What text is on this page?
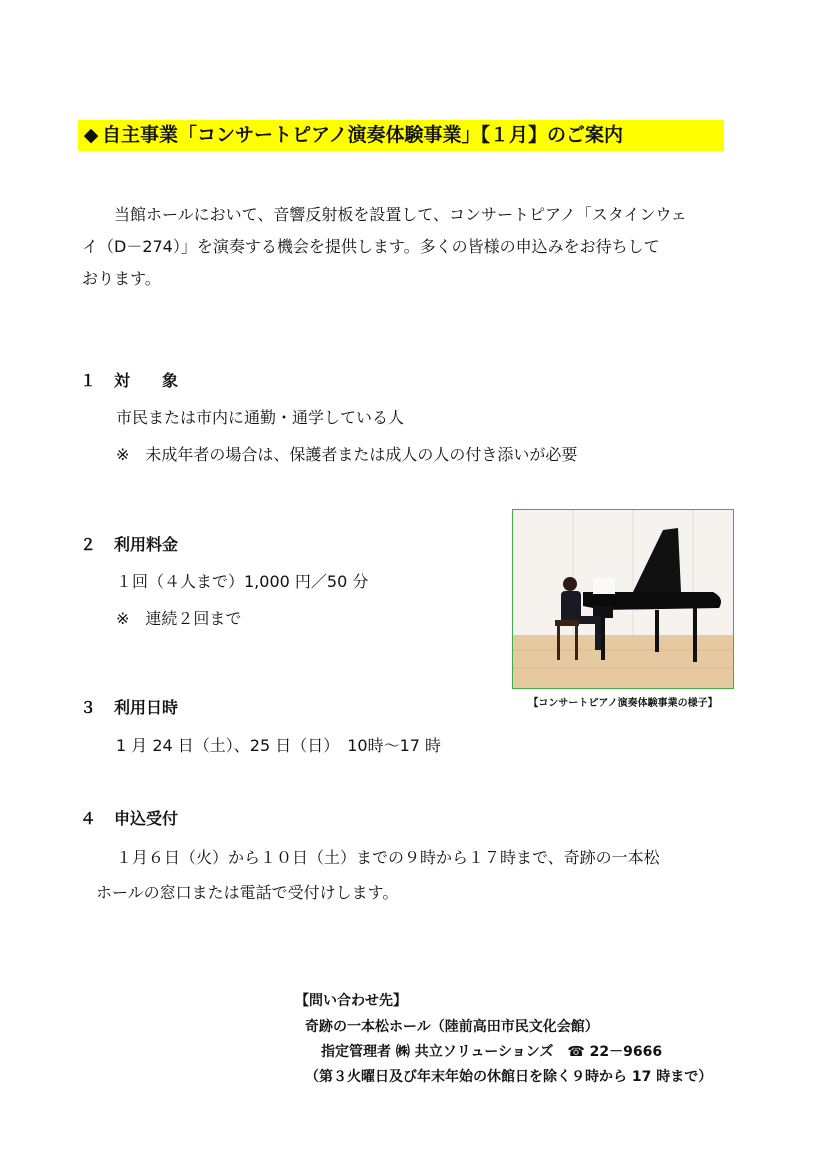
◆ 自主事業「コンサートピアノ演奏体験事業」【１月】のご案内

当館ホールにおいて、音響反射板を設置して、コンサートピアノ「スタインウェ

イ（D－274）」を演奏する機会を提供します。多くの皆様の申込みをお待ちして

おります。

１ 対　　象
市民または市内に通勤・通学している人
※　未成年者の場合は、保護者または成人の人の付き添いが必要
２ 利用料金
１回（４人まで）1,000 円／50 分
※　連続２回まで
【コンサートピアノ演奏体験事業の様子】
３ 利用日時
1 月 24 日（土）、25 日（日）　10時～17 時
４ 申込受付
１月６日（火）から１０日（土）までの９時から１７時まで、奇跡の一本松
ホールの窓口または電話で受付けします。
【問い合わせ先】
奇跡の一本松ホール（陸前高田市民文化会館）
指定管理者 ㈱ 共立ソリューションズ　☎ 22－9666
（第３火曜日及び年末年始の休館日を除く９時から 17 時まで）
